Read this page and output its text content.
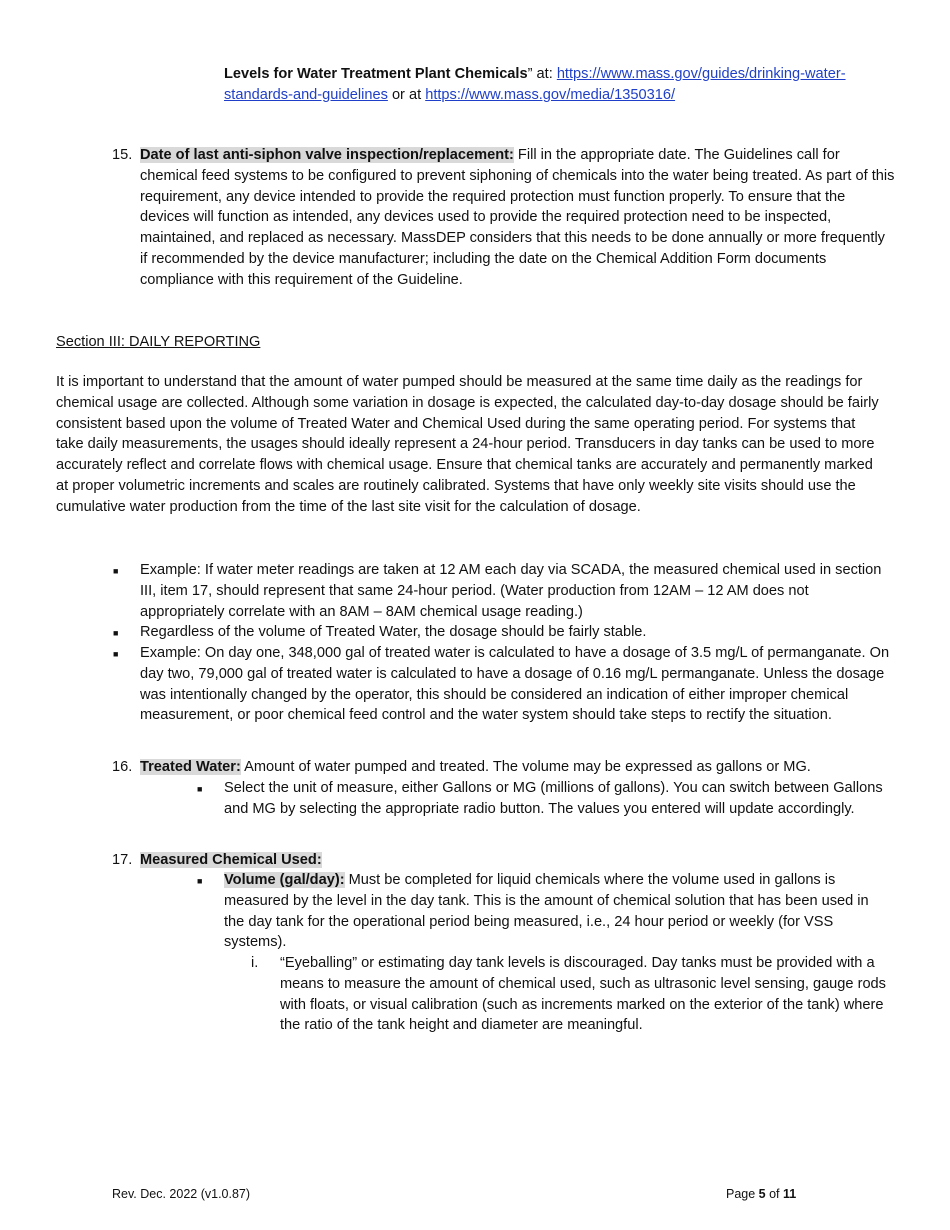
Levels for Water Treatment Plant Chemicals” at: https://www.mass.gov/guides/drinking-water-standards-and-guidelines or at https://www.mass.gov/media/1350316/

15. Date of last anti-siphon valve inspection/replacement: Fill in the appropriate date. The Guidelines call for chemical feed systems to be configured to prevent siphoning of chemicals into the water being treated. As part of this requirement, any device intended to provide the required protection must function properly. To ensure that the devices will function as intended, any devices used to provide the required protection need to be inspected, maintained, and replaced as necessary. MassDEP considers that this needs to be done annually or more frequently if recommended by the device manufacturer; including the date on the Chemical Addition Form documents compliance with this requirement of the Guideline.

Section III: DAILY REPORTING

It is important to understand that the amount of water pumped should be measured at the same time daily as the readings for chemical usage are collected. Although some variation in dosage is expected, the calculated day-to-day dosage should be fairly consistent based upon the volume of Treated Water and Chemical Used during the same operating period. For systems that take daily measurements, the usages should ideally represent a 24-hour period. Transducers in day tanks can be used to more accurately reflect and correlate flows with chemical usage. Ensure that chemical tanks are accurately and permanently marked at proper volumetric increments and scales are routinely calibrated. Systems that have only weekly site visits should use the cumulative water production from the time of the last site visit for the calculation of dosage.

■ Example: If water meter readings are taken at 12 AM each day via SCADA, the measured chemical used in section III, item 17, should represent that same 24-hour period. (Water production from 12AM – 12 AM does not appropriately correlate with an 8AM – 8AM chemical usage reading.)

■ Regardless of the volume of Treated Water, the dosage should be fairly stable.

■ Example: On day one, 348,000 gal of treated water is calculated to have a dosage of 3.5 mg/L of permanganate. On day two, 79,000 gal of treated water is calculated to have a dosage of 0.16 mg/L permanganate. Unless the dosage was intentionally changed by the operator, this should be considered an indication of either improper chemical measurement, or poor chemical feed control and the water system should take steps to rectify the situation.

16. Treated Water: Amount of water pumped and treated. The volume may be expressed as gallons or MG.

■ Select the unit of measure, either Gallons or MG (millions of gallons). You can switch between Gallons and MG by selecting the appropriate radio button. The values you entered will update accordingly.

17. Measured Chemical Used:

■ Volume (gal/day): Must be completed for liquid chemicals where the volume used in gallons is measured by the level in the day tank. This is the amount of chemical solution that has been used in the day tank for the operational period being measured, i.e., 24 hour period or weekly (for VSS systems).

i. “Eyeballing” or estimating day tank levels is discouraged. Day tanks must be provided with a means to measure the amount of chemical used, such as ultrasonic level sensing, gauge rods with floats, or visual calibration (such as increments marked on the exterior of the tank) where the ratio of the tank height and diameter are meaningful.

Rev. Dec. 2022 (v1.0.87)	Page 5 of 11
